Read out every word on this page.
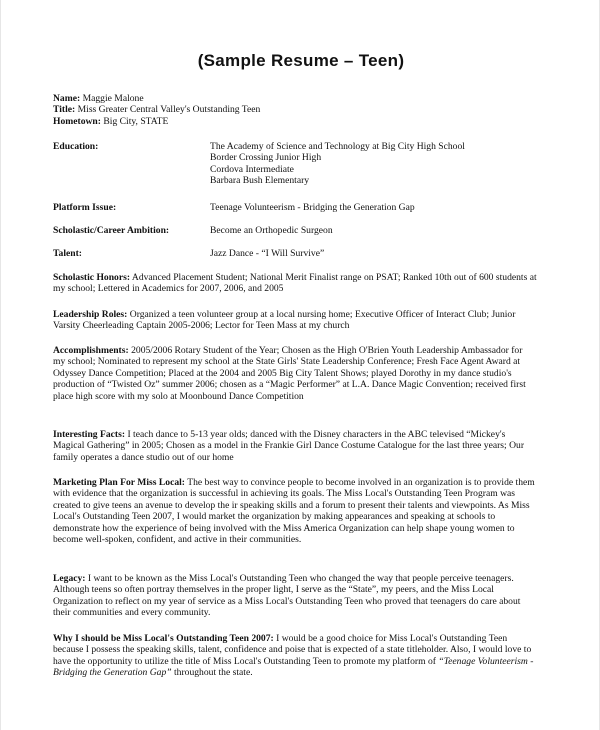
(Sample Resume – Teen)
Name: Maggie Malone
Title: Miss Greater Central Valley's Outstanding Teen
Hometown: Big City, STATE
Education:	The Academy of Science and Technology at Big City High School
Border Crossing Junior High
Cordova Intermediate
Barbara Bush Elementary
Platform Issue:	Teenage Volunteerism - Bridging the Generation Gap
Scholastic/Career Ambition:	Become an Orthopedic Surgeon
Talent:	Jazz Dance - “I Will Survive”
Scholastic Honors: Advanced Placement Student; National Merit Finalist range on PSAT; Ranked 10th out of 600 students at my school; Lettered in Academics for 2007, 2006, and 2005
Leadership Roles: Organized a teen volunteer group at a local nursing home; Executive Officer of Interact Club; Junior Varsity Cheerleading Captain 2005-2006; Lector for Teen Mass at my church
Accomplishments: 2005/2006 Rotary Student of the Year; Chosen as the High O'Brien Youth Leadership Ambassador for my school; Nominated to represent my school at the State Girls' State Leadership Conference; Fresh Face Agent Award at Odyssey Dance Competition; Placed at the 2004 and 2005 Big City Talent Shows; played Dorothy in my dance studio's production of “Twisted Oz” summer 2006; chosen as a “Magic Performer” at L.A. Dance Magic Convention; received first place high score with my solo at Moonbound Dance Competition
Interesting Facts: I teach dance to 5-13 year olds; danced with the Disney characters in the ABC televised “Mickey's Magical Gathering” in 2005; Chosen as a model in the Frankie Girl Dance Costume Catalogue for the last three years; Our family operates a dance studio out of our home
Marketing Plan For Miss Local: The best way to convince people to become involved in an organization is to provide them with evidence that the organization is successful in achieving its goals. The Miss Local's Outstanding Teen Program was created to give teens an avenue to develop the ir speaking skills and a forum to present their talents and viewpoints. As Miss Local's Outstanding Teen 2007, I would market the organization by making appearances and speaking at schools to demonstrate how the experience of being involved with the Miss America Organization can help shape young women to become well-spoken, confident, and active in their communities.
Legacy: I want to be known as the Miss Local's Outstanding Teen who changed the way that people perceive teenagers. Although teens so often portray themselves in the proper light, I serve as the “State”, my peers, and the Miss Local Organization to reflect on my year of service as a Miss Local's Outstanding Teen who proved that teenagers do care about their communities and every community.
Why I should be Miss Local's Outstanding Teen 2007: I would be a good choice for Miss Local's Outstanding Teen because I possess the speaking skills, talent, confidence and poise that is expected of a state titleholder. Also, I would love to have the opportunity to utilize the title of Miss Local's Outstanding Teen to promote my platform of “Teenage Volunteerism - Bridging the Generation Gap” throughout the state.
